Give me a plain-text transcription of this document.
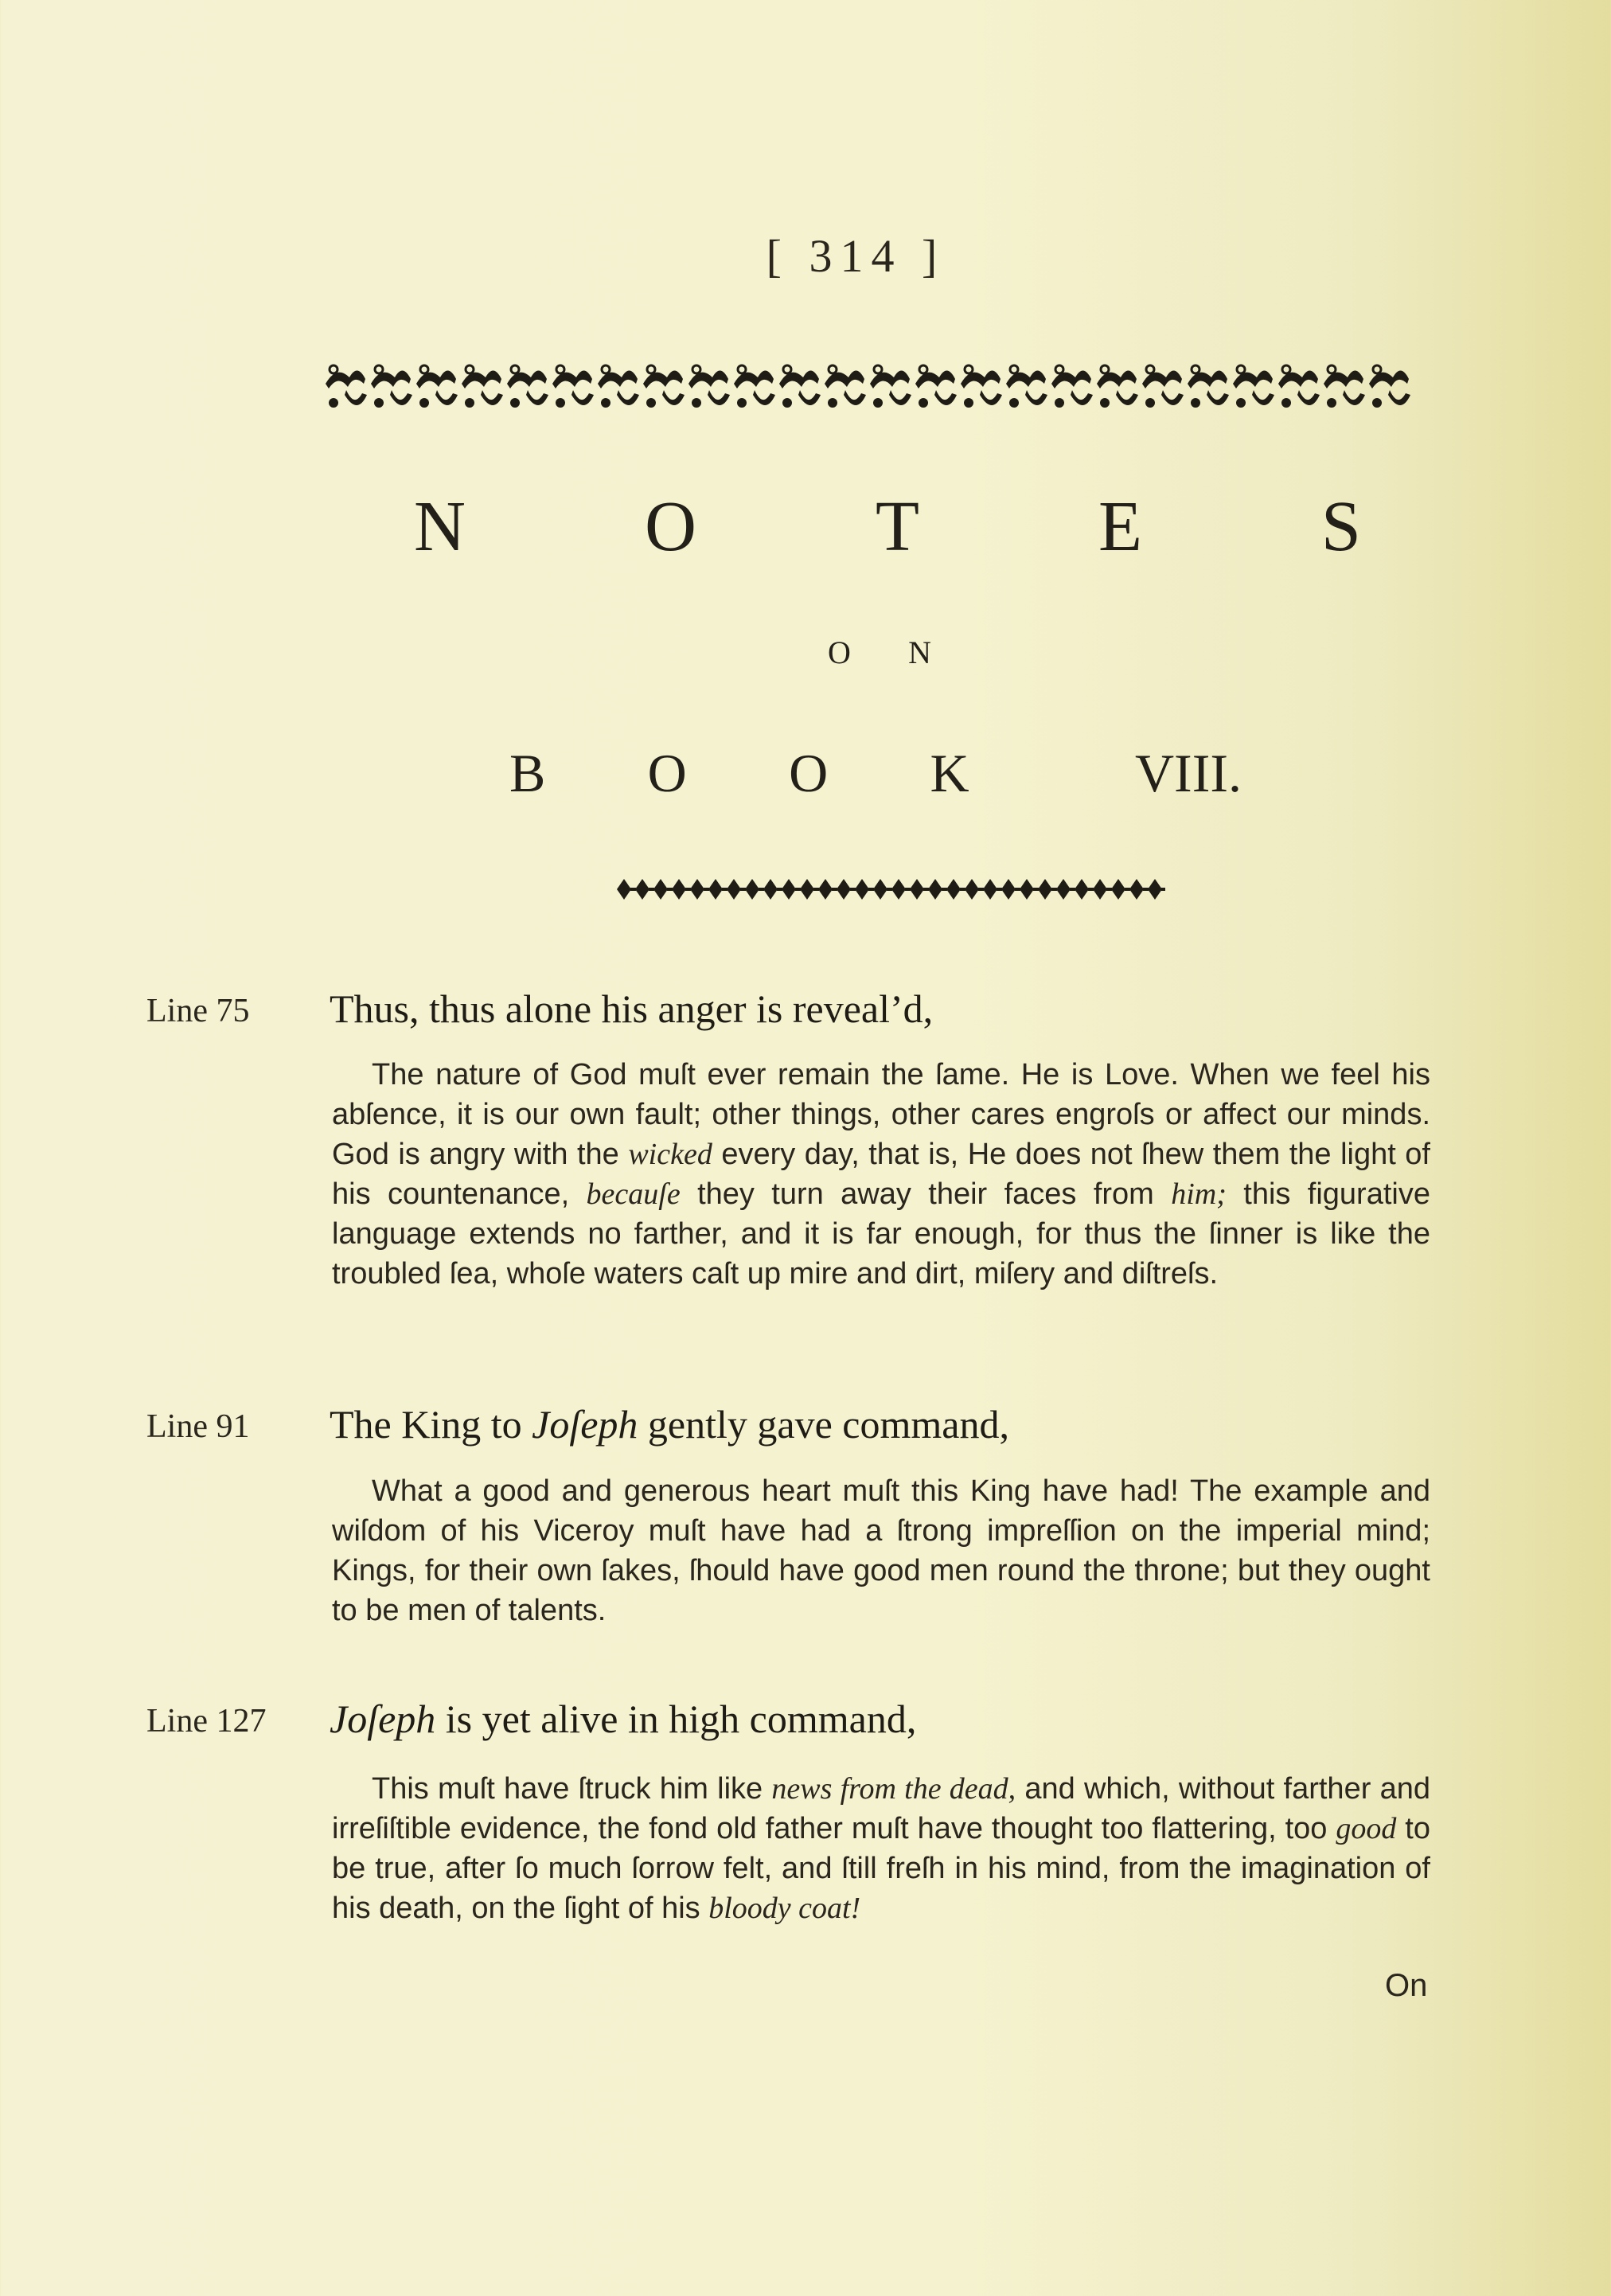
[ 314 ]
N O T E S
O N
B O O K	VIII.
Line 75 Thus, thus alone his anger is reveal’d,
The nature of God muſt ever remain the ſame. He is Love. When we feel his abſence, it is our own fault; other things, other cares engroſs or affect our minds. God is angry with the wicked every day, that is, He does not ſhew them the light of his countenance, becauſe they turn away their faces from him; this figurative language extends no farther, and it is far enough, for thus the ſinner is like the troubled ſea, whoſe waters caſt up mire and dirt, miſery and diſtreſs.
Line 91 The King to Joſeph gently gave command,
What a good and generous heart muſt this King have had! The example and wiſdom of his Viceroy muſt have had a ſtrong impreſſion on the imperial mind; Kings, for their own ſakes, ſhould have good men round the throne; but they ought to be men of talents.
Line 127 Joſeph is yet alive in high command,
This muſt have ſtruck him like news from the dead, and which, without farther and irreſiſtible evidence, the fond old father muſt have thought too flattering, too good to be true, after ſo much ſorrow felt, and ſtill freſh in his mind, from the imagination of his death, on the ſight of his bloody coat!
On
